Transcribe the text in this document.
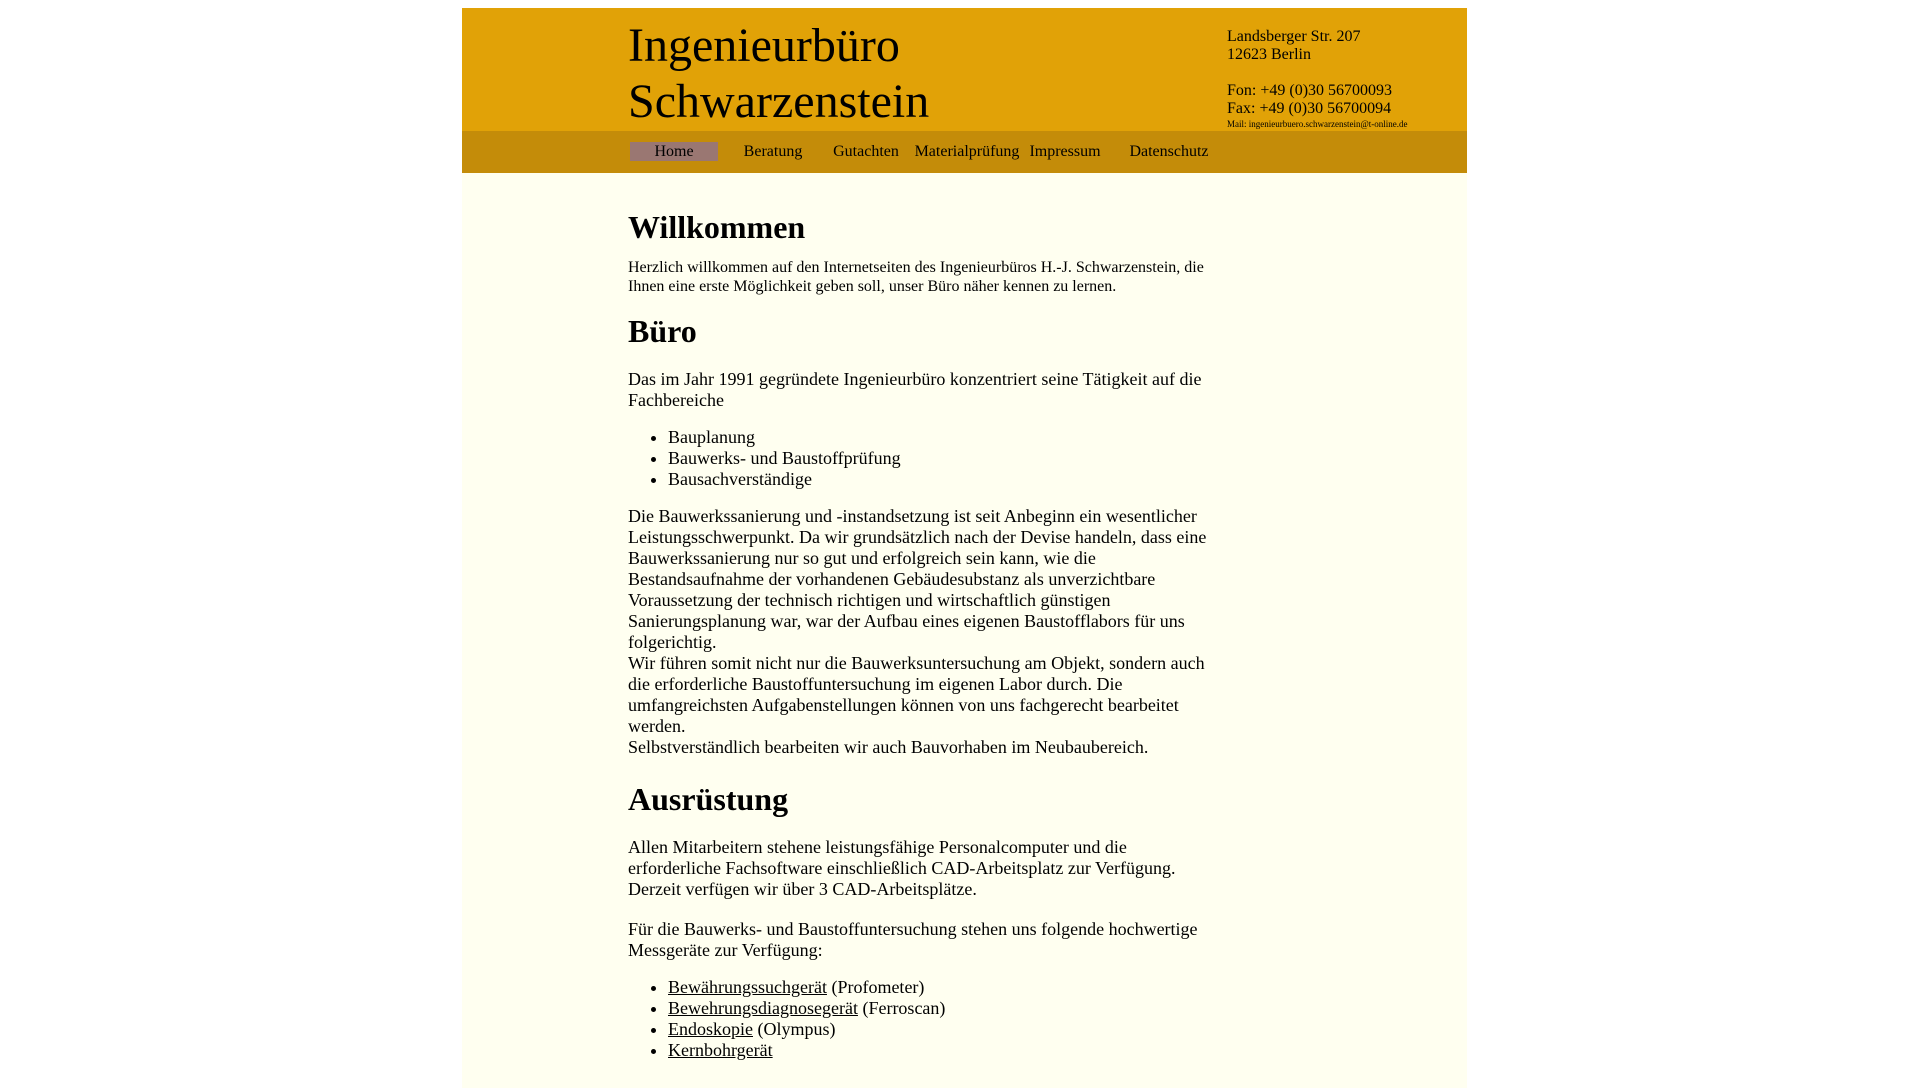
Ingenieurbüro
Schwarzenstein
Landsberger Str. 207
12623 Berlin
Fon: +49 (0)30 56700093
Fax: +49 (0)30 56700094
Mail: ingenieurbuero.schwarzenstein@t-online.de
Home	Beratung	Gutachten Materialprüfung Impressum Datenschutz
Willkommen

Herzlich willkommen auf den Internetseiten des Ingenieurbüros H.-J. Schwarzenstein, die Ihnen eine erste Möglichkeit geben soll, unser Büro näher kennen zu lernen.

Büro

Das im Jahr 1991 gegründete Ingenieurbüro konzentriert seine Tätigkeit auf die Fachbereiche

• Bauplanung
• Bauwerks- und Baustoffprüfung
• Bausachverständige

Die Bauwerkssanierung und -instandsetzung ist seit Anbeginn ein wesentlicher Leistungsschwerpunkt. Da wir grundsätzlich nach der Devise handeln, dass eine Bauwerkssanierung nur so gut und erfolgreich sein kann, wie die Bestandsaufnahme der vorhandenen Gebäudesubstanz als unverzichtbare Voraussetzung der technisch richtigen und wirtschaftlich günstigen Sanierungsplanung war, war der Aufbau eines eigenen Baustofflabors für uns folgerichtig.

Wir führen somit nicht nur die Bauwerksuntersuchung am Objekt, sondern auch die erforderliche Baustoffuntersuchung im eigenen Labor durch. Die umfangreichsten Aufgabenstellungen können von uns fachgerecht bearbeitet werden.

Selbstverständlich bearbeiten wir auch Bauvorhaben im Neubaubereich.

Ausrüstung

Allen Mitarbeitern stehene leistungsfähige Personalcomputer und die erforderliche Fachsoftware einschließlich CAD-Arbeitsplatz zur Verfügung. Derzeit verfügen wir über 3 CAD-Arbeitsplätze.

Für die Bauwerks- und Baustoffuntersuchung stehen uns folgende hochwertige Messgeräte zur Verfügung:

• Bewährungssuchgerät (Profometer)
• Bewehrungsdiagnosegerät (Ferroscan)
• Endoskopie (Olympus)
• Kernbohrgerät
